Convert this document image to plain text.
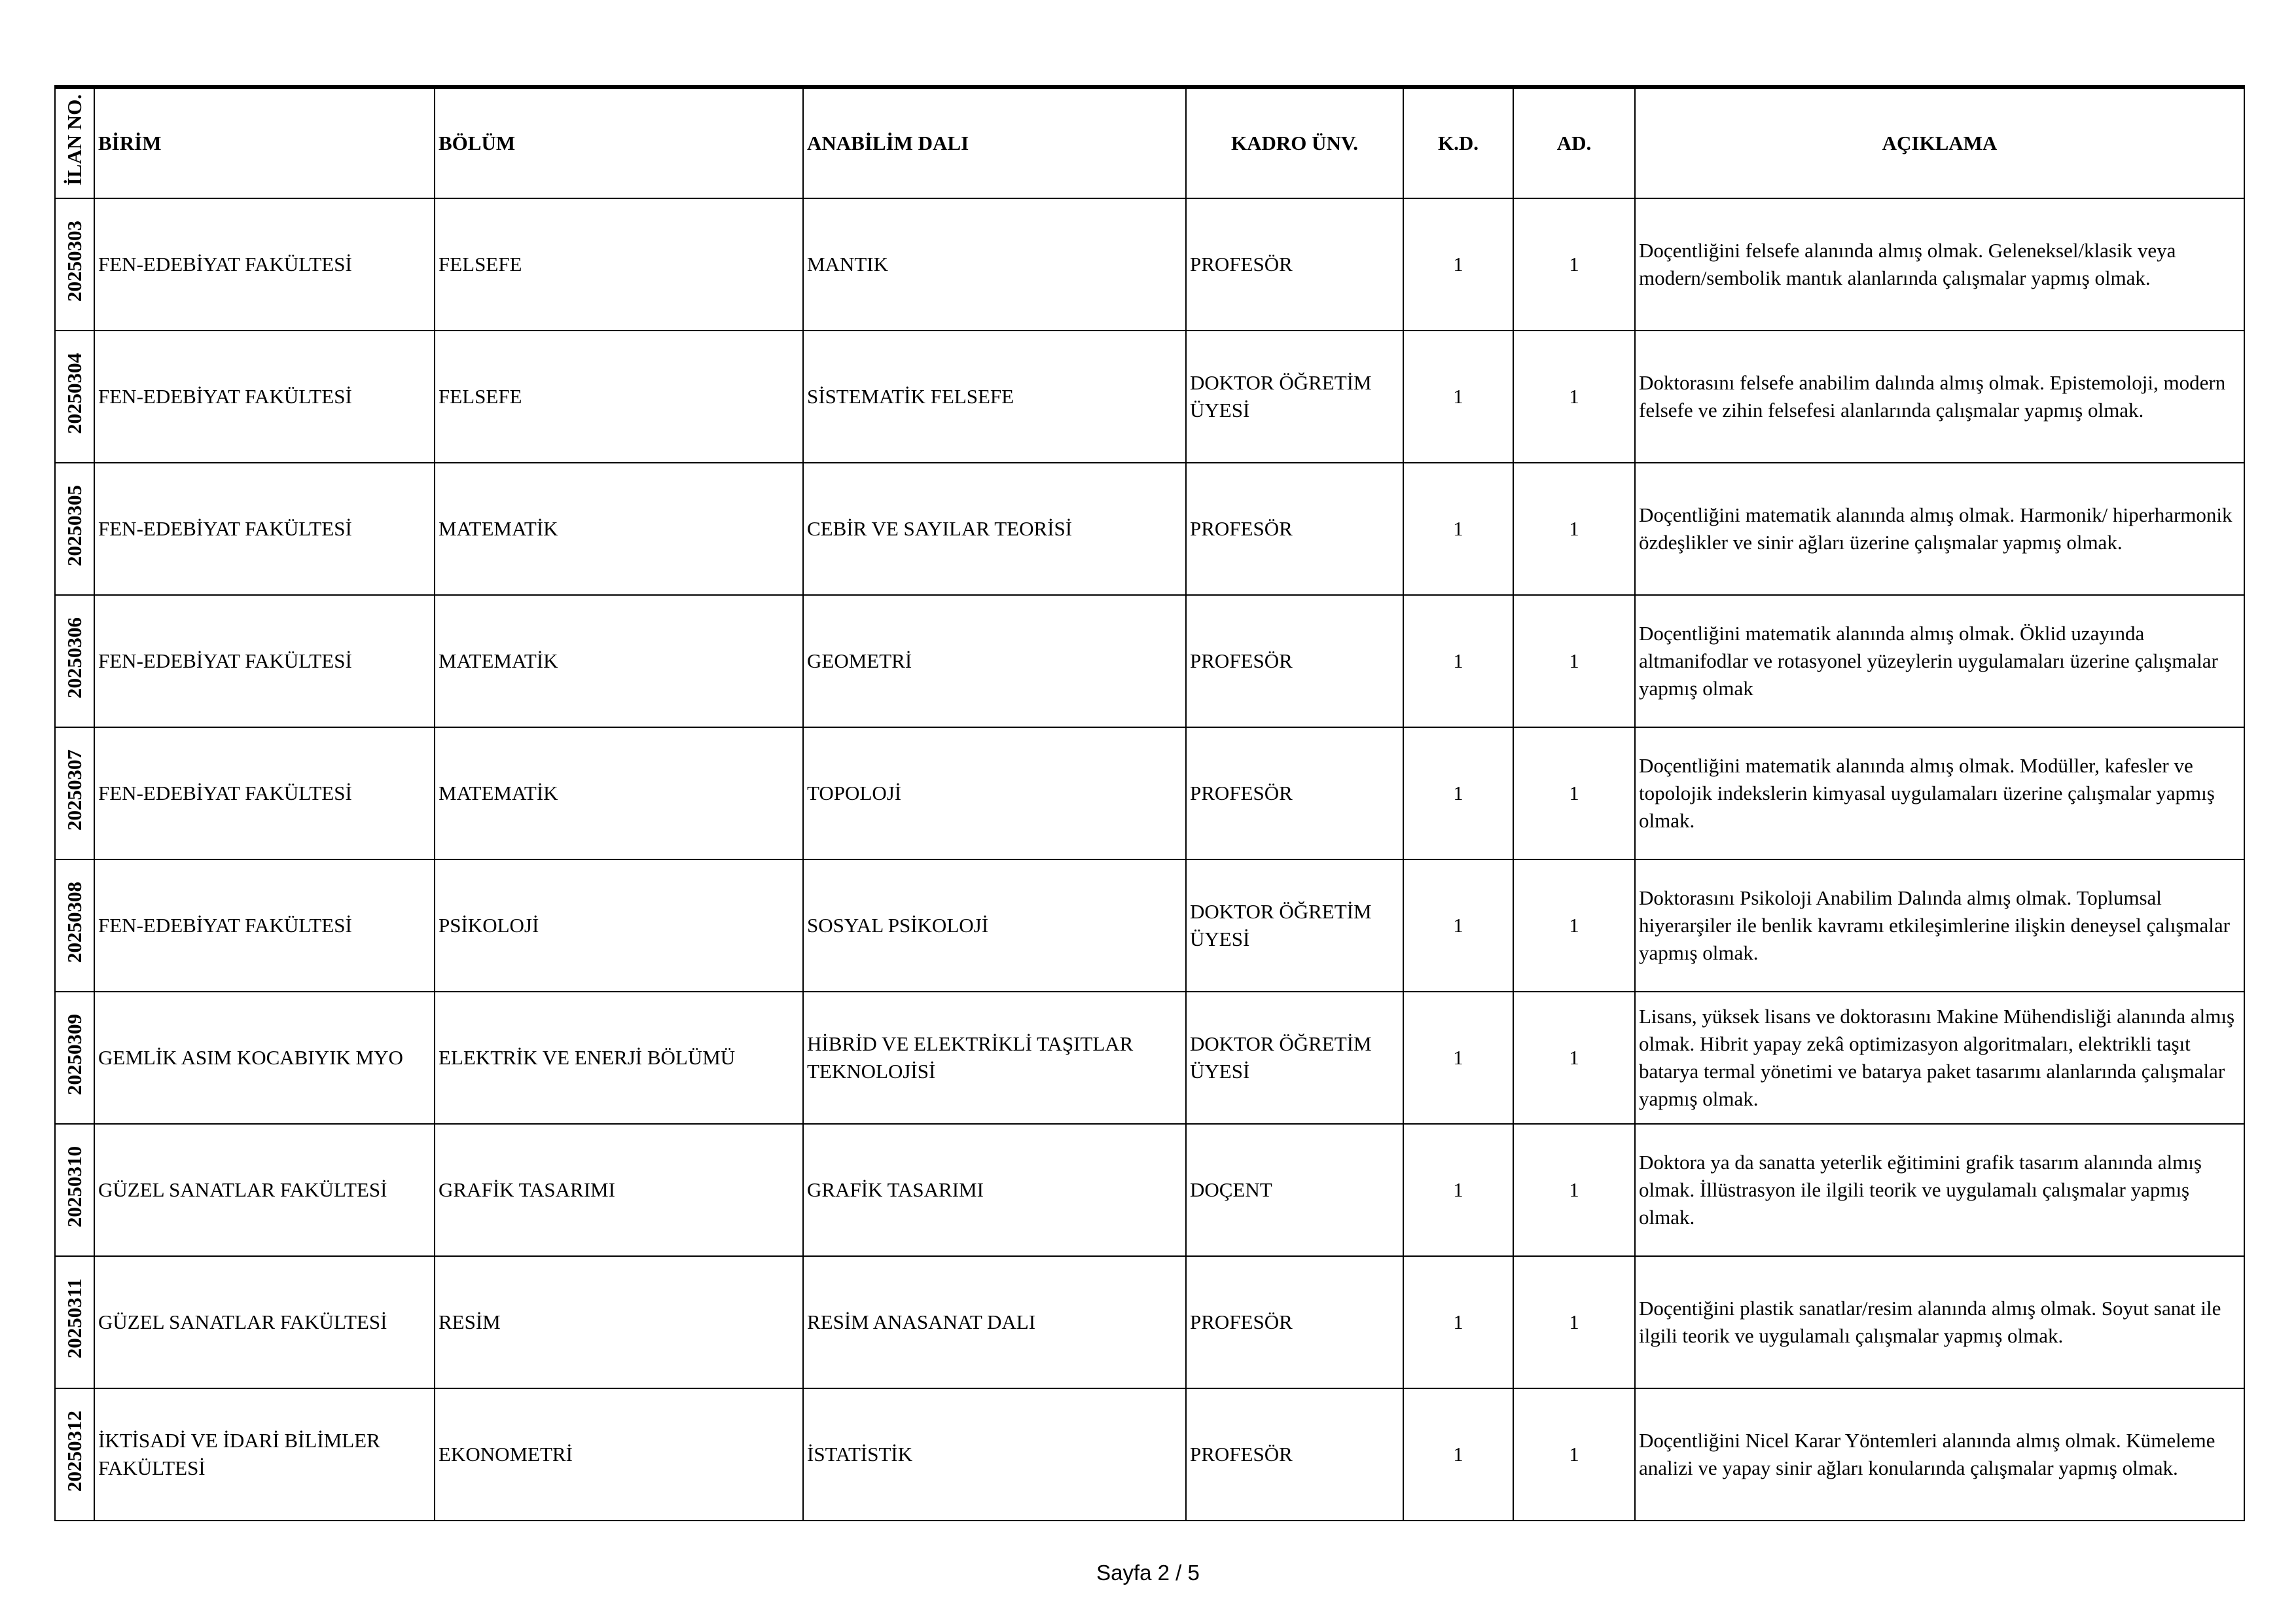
İLAN NO.	BİRİM	BÖLÜM	ANABİLİM DALI	KADRO ÜNV.	K.D.	AD.	AÇIKLAMA
20250303	FEN-EDEBİYAT FAKÜLTESİ	FELSEFE	MANTIK	PROFESÖR	1	1	Doçentliğini felsefe alanında almış olmak. Geleneksel/klasik veya modern/sembolik mantık alanlarında çalışmalar yapmış olmak.
20250304	FEN-EDEBİYAT FAKÜLTESİ	FELSEFE	SİSTEMATİK FELSEFE	DOKTOR ÖĞRETİM ÜYESİ	1	1	Doktorasını felsefe anabilim dalında almış olmak. Epistemoloji, modern felsefe ve zihin felsefesi alanlarında çalışmalar yapmış olmak.
20250305	FEN-EDEBİYAT FAKÜLTESİ	MATEMATİK	CEBİR VE SAYILAR TEORİSİ	PROFESÖR	1	1	Doçentliğini matematik alanında almış olmak. Harmonik/ hiperharmonik özdeşlikler ve sinir ağları üzerine çalışmalar yapmış olmak.
20250306	FEN-EDEBİYAT FAKÜLTESİ	MATEMATİK	GEOMETRİ	PROFESÖR	1	1	Doçentliğini matematik alanında almış olmak. Öklid uzayında altmanifodlar ve rotasyonel yüzeylerin uygulamaları üzerine çalışmalar yapmış olmak
20250307	FEN-EDEBİYAT FAKÜLTESİ	MATEMATİK	TOPOLOJİ	PROFESÖR	1	1	Doçentliğini matematik alanında almış olmak. Modüller, kafesler ve topolojik indekslerin kimyasal uygulamaları üzerine çalışmalar yapmış olmak.
20250308	FEN-EDEBİYAT FAKÜLTESİ	PSİKOLOJİ	SOSYAL PSİKOLOJİ	DOKTOR ÖĞRETİM ÜYESİ	1	1	Doktorasını Psikoloji Anabilim Dalında almış olmak. Toplumsal hiyerarşiler ile benlik kavramı etkileşimlerine ilişkin deneysel çalışmalar yapmış olmak.
20250309	GEMLİK ASIM KOCABIYIK MYO	ELEKTRİK VE ENERJİ BÖLÜMÜ	HİBRİD VE ELEKTRİKLİ TAŞITLAR TEKNOLOJİSİ	DOKTOR ÖĞRETİM ÜYESİ	1	1	Lisans, yüksek lisans ve doktorasını Makine Mühendisliği alanında almış olmak. Hibrit yapay zekâ optimizasyon algoritmaları, elektrikli taşıt batarya termal yönetimi ve batarya paket tasarımı alanlarında çalışmalar yapmış olmak.
20250310	GÜZEL SANATLAR FAKÜLTESİ	GRAFİK TASARIMI	GRAFİK TASARIMI	DOÇENT	1	1	Doktora ya da sanatta yeterlik eğitimini grafik tasarım alanında almış olmak. İllüstrasyon ile ilgili teorik ve uygulamalı çalışmalar yapmış olmak.
20250311	GÜZEL SANATLAR FAKÜLTESİ	RESİM	RESİM ANASANAT DALI	PROFESÖR	1	1	Doçentiğini plastik sanatlar/resim alanında almış olmak. Soyut sanat ile ilgili teorik ve uygulamalı çalışmalar yapmış olmak.
20250312	İKTİSADİ VE İDARİ BİLİMLER FAKÜLTESİ	EKONOMETRİ	İSTATİSTİK	PROFESÖR	1	1	Doçentliğini Nicel Karar Yöntemleri alanında almış olmak. Kümeleme analizi ve yapay sinir ağları konularında çalışmalar yapmış olmak.
Sayfa 2 / 5
